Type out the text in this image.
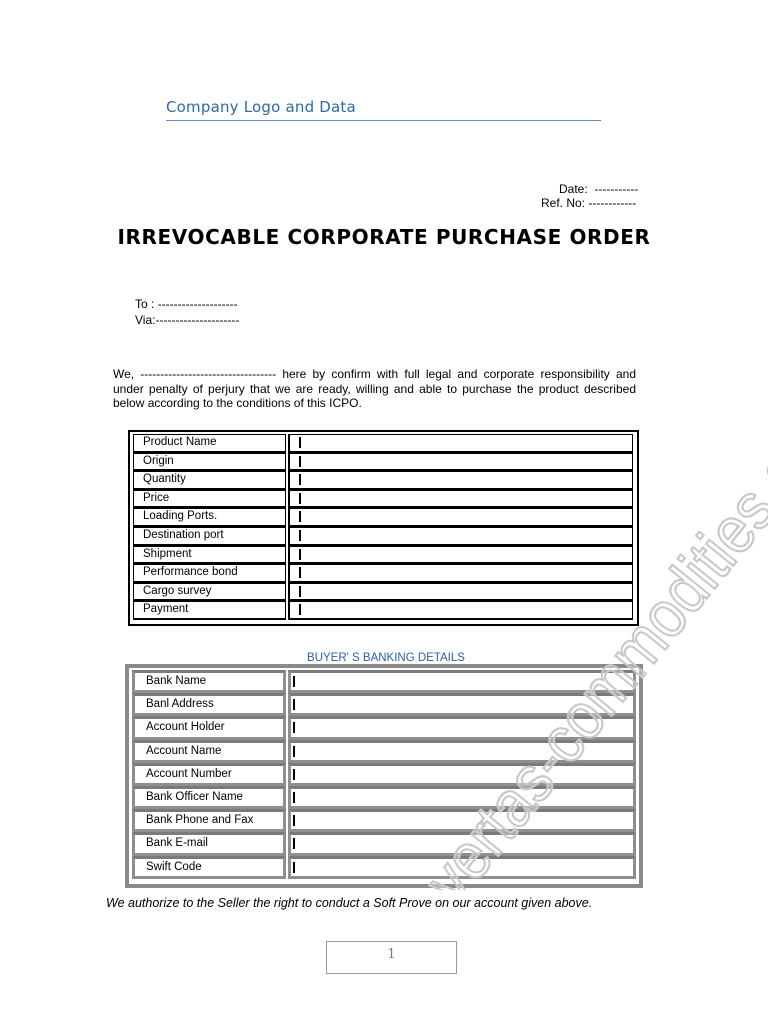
Company Logo and Data
Date:  -----------
Ref. No: ------------
IRREVOCABLE CORPORATE PURCHASE ORDER
To : --------------------
Via:---------------------
We, ---------------------------------- here by confirm with full legal and corporate responsibility and under penalty of perjury that we are ready, willing and able to purchase the product described below according to the conditions of this ICPO.
Product Name
Origin
Quantity
Price
Loading Ports.
Destination port
Shipment
Performance bond
Cargo survey
Payment
BUYER' S BANKING DETAILS
Bank Name
Banl Address
Account Holder
Account Name
Account Number
Bank Officer Name
Bank Phone and Fax
Bank E-mail
Swift Code
We authorize to the Seller the right to conduct a Soft Prove on our account given above.
1
